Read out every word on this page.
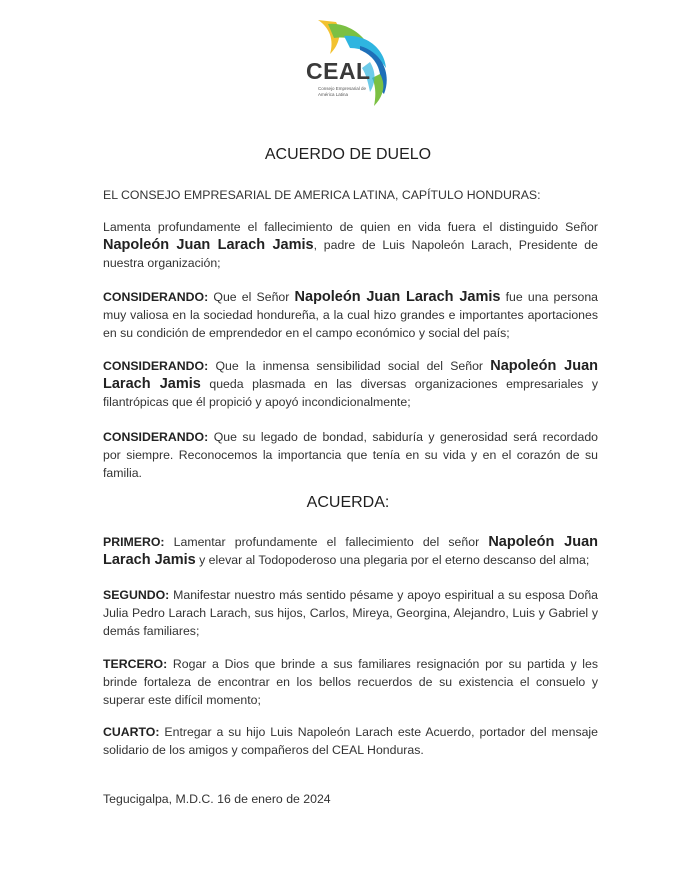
CEAL
Consejo Empresarial de América Latina
ACUERDO DE DUELO
EL CONSEJO EMPRESARIAL DE AMERICA LATINA, CAPÍTULO HONDURAS:
Lamenta profundamente el fallecimiento de quien en vida fuera el distinguido Señor Napoleón Juan Larach Jamis, padre de Luis Napoleón Larach, Presidente de nuestra organización;
CONSIDERANDO: Que el Señor Napoleón Juan Larach Jamis fue una persona muy valiosa en la sociedad hondureña, a la cual hizo grandes e importantes aportaciones en su condición de emprendedor en el campo económico y social del país;
CONSIDERANDO: Que la inmensa sensibilidad social del Señor Napoleón Juan Larach Jamis queda plasmada en las diversas organizaciones empresariales y filantrópicas que él propició y apoyó incondicionalmente;
CONSIDERANDO: Que su legado de bondad, sabiduría y generosidad será recordado por siempre. Reconocemos la importancia que tenía en su vida y en el corazón de su familia.
ACUERDA:
PRIMERO: Lamentar profundamente el fallecimiento del señor Napoleón Juan Larach Jamis y elevar al Todopoderoso una plegaria por el eterno descanso del alma;
SEGUNDO: Manifestar nuestro más sentido pésame y apoyo espiritual a su esposa Doña Julia Pedro Larach Larach, sus hijos, Carlos, Mireya, Georgina, Alejandro, Luis y Gabriel y demás familiares;
TERCERO: Rogar a Dios que brinde a sus familiares resignación por su partida y les brinde fortaleza de encontrar en los bellos recuerdos de su existencia el consuelo y superar este difícil momento;
CUARTO: Entregar a su hijo Luis Napoleón Larach este Acuerdo, portador del mensaje solidario de los amigos y compañeros del CEAL Honduras.
Tegucigalpa, M.D.C. 16 de enero de 2024
